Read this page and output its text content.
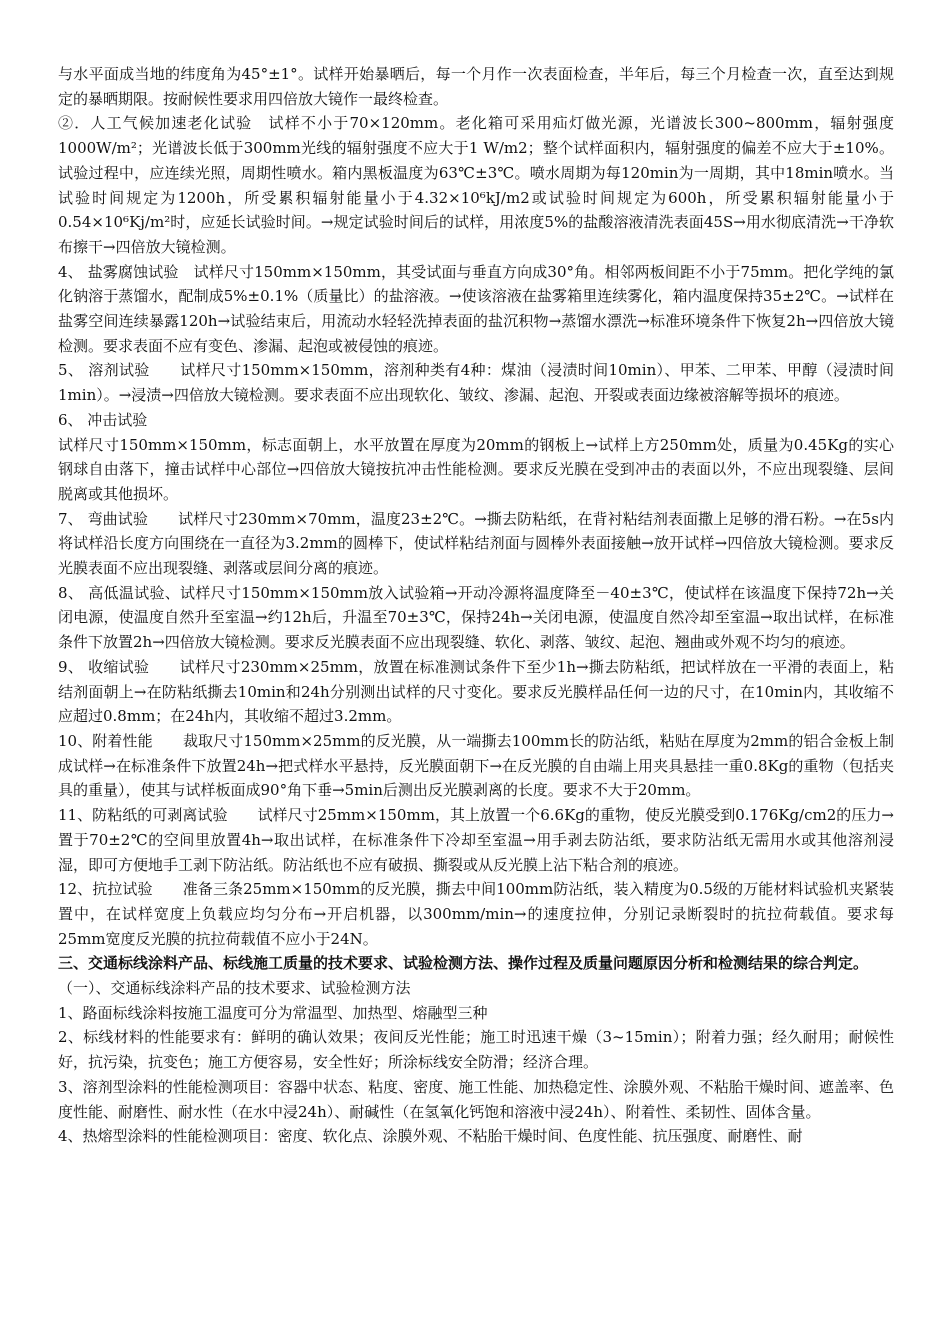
与水平面成当地的纬度角为45°±1°。试样开始暴晒后，每一个月作一次表面检查，半年后，每三个月检查一次，直至达到规定的暴晒期限。按耐候性要求用四倍放大镜作一最终检查。

②．人工气候加速老化试验　试样不小于70×120mm。老化箱可采用疝灯做光源，光谱波长300~800mm，辐射强度1000W/m²；光谱波长低于300mm光线的辐射强度不应大于1 W/m2；整个试样面积内，辐射强度的偏差不应大于±10%。试验过程中，应连续光照，周期性喷水。箱内黑板温度为63℃±3℃。喷水周期为每120min为一周期，其中18min喷水。当试验时间规定为1200h，所受累积辐射能量小于4.32×10⁶kJ/m2或试验时间规定为600h，所受累积辐射能量小于0.54×10⁶Kj/m²时，应延长试验时间。→规定试验时间后的试样，用浓度5%的盐酸溶液清洗表面45S→用水彻底清洗→干净软布擦干→四倍放大镜检测。

4、 盐雾腐蚀试验　试样尺寸150mm×150mm，其受试面与垂直方向成30°角。相邻两板间距不小于75mm。把化学纯的氯化钠溶于蒸馏水，配制成5%±0.1%（质量比）的盐溶液。→使该溶液在盐雾箱里连续雾化，箱内温度保持35±2℃。→试样在盐雾空间连续暴露120h→试验结束后，用流动水轻轻洗掉表面的盐沉积物→蒸馏水漂洗→标准环境条件下恢复2h→四倍放大镜检测。要求表面不应有变色、渗漏、起泡或被侵蚀的痕迹。

5、 溶剂试验　　试样尺寸150mm×150mm，溶剂种类有4种：煤油（浸渍时间10min）、甲苯、二甲苯、甲醇（浸渍时间1min）。→浸渍→四倍放大镜检测。要求表面不应出现软化、皱纹、渗漏、起泡、开裂或表面边缘被溶解等损坏的痕迹。

6、 冲击试验

试样尺寸150mm×150mm，标志面朝上，水平放置在厚度为20mm的钢板上→试样上方250mm处，质量为0.45Kg的实心钢球自由落下，撞击试样中心部位→四倍放大镜按抗冲击性能检测。要求反光膜在受到冲击的表面以外，不应出现裂缝、层间脱离或其他损坏。

7、 弯曲试验　　试样尺寸230mm×70mm，温度23±2℃。→撕去防粘纸，在背衬粘结剂表面撒上足够的滑石粉。→在5s内将试样沿长度方向围绕在一直径为3.2mm的圆棒下，使试样粘结剂面与圆棒外表面接触→放开试样→四倍放大镜检测。要求反光膜表面不应出现裂缝、剥落或层间分离的痕迹。

8、 高低温试验、试样尺寸150mm×150mm放入试验箱→开动冷源将温度降至－40±3℃，使试样在该温度下保持72h→关闭电源，使温度自然升至室温→约12h后，升温至70±3℃，保持24h→关闭电源，使温度自然冷却至室温→取出试样，在标准条件下放置2h→四倍放大镜检测。要求反光膜表面不应出现裂缝、软化、剥落、皱纹、起泡、翘曲或外观不均匀的痕迹。

9、 收缩试验　　试样尺寸230mm×25mm，放置在标准测试条件下至少1h→撕去防粘纸，把试样放在一平滑的表面上，粘结剂面朝上→在防粘纸撕去10min和24h分别测出试样的尺寸变化。要求反光膜样品任何一边的尺寸，在10min内，其收缩不应超过0.8mm；在24h内，其收缩不超过3.2mm。

10、附着性能　　裁取尺寸150mm×25mm的反光膜，从一端撕去100mm长的防沾纸，粘贴在厚度为2mm的铝合金板上制成试样→在标准条件下放置24h→把式样水平悬持，反光膜面朝下→在反光膜的自由端上用夹具悬挂一重0.8Kg的重物（包括夹具的重量），使其与试样板面成90°角下垂→5min后测出反光膜剥离的长度。要求不大于20mm。

11、防粘纸的可剥离试验　　试样尺寸25mm×150mm，其上放置一个6.6Kg的重物，使反光膜受到0.176Kg/cm2的压力→置于70±2℃的空间里放置4h→取出试样，在标准条件下冷却至室温→用手剥去防沾纸，要求防沾纸无需用水或其他溶剂浸湿，即可方便地手工剥下防沾纸。防沾纸也不应有破损、撕裂或从反光膜上沾下粘合剂的痕迹。

12、抗拉试验　　准备三条25mm×150mm的反光膜，撕去中间100mm防沾纸，装入精度为0.5级的万能材料试验机夹紧装置中，在试样宽度上负载应均匀分布→开启机器，以300mm/min→的速度拉伸，分别记录断裂时的抗拉荷载值。要求每25mm宽度反光膜的抗拉荷载值不应小于24N。

三、交通标线涂料产品、标线施工质量的技术要求、试验检测方法、操作过程及质量问题原因分析和检测结果的综合判定。

（一）、交通标线涂料产品的技术要求、试验检测方法

1、路面标线涂料按施工温度可分为常温型、加热型、熔融型三种

2、标线材料的性能要求有：鲜明的确认效果；夜间反光性能；施工时迅速干燥（3~15min）；附着力强；经久耐用；耐候性好，抗污染，抗变色；施工方便容易，安全性好；所涂标线安全防滑；经济合理。

3、溶剂型涂料的性能检测项目：容器中状态、粘度、密度、施工性能、加热稳定性、涂膜外观、不粘胎干燥时间、遮盖率、色度性能、耐磨性、耐水性（在水中浸24h）、耐碱性（在氢氧化钙饱和溶液中浸24h）、附着性、柔韧性、固体含量。

4、热熔型涂料的性能检测项目：密度、软化点、涂膜外观、不粘胎干燥时间、色度性能、抗压强度、耐磨性、耐
